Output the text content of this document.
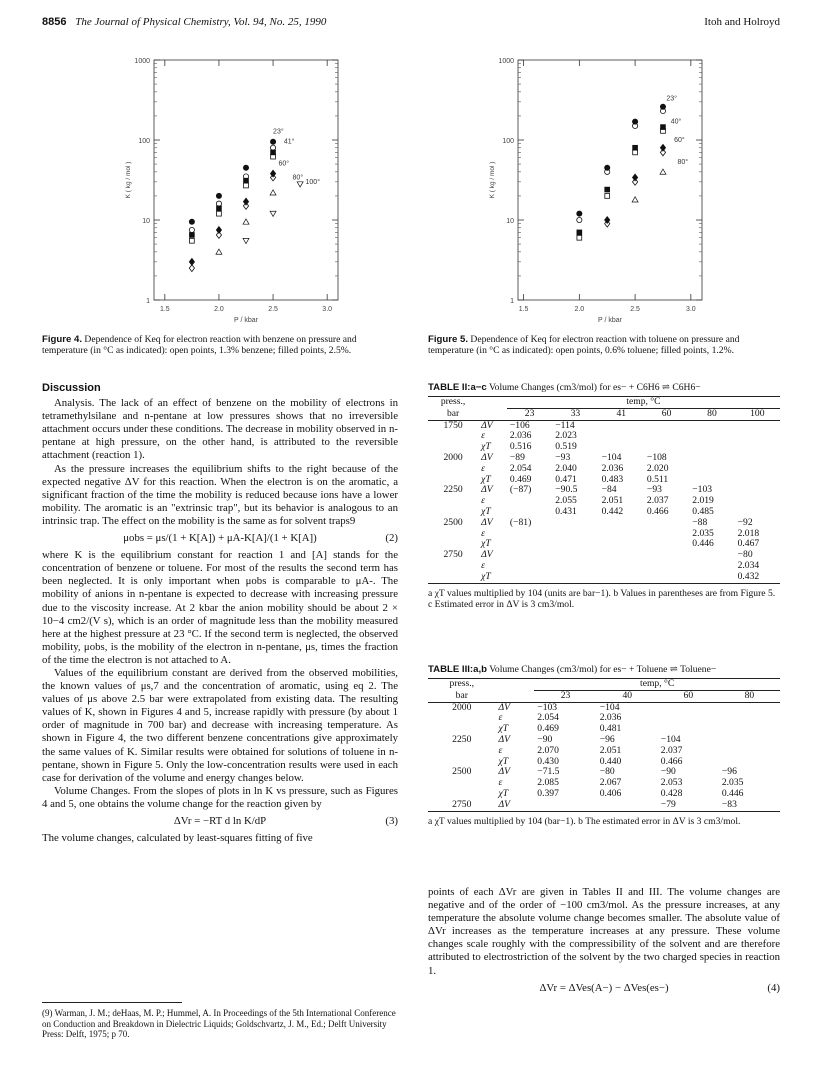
8856 The Journal of Physical Chemistry, Vol. 94, No. 25, 1990	Itoh and Holroyd
1000
100
10
1
1.5	2.0	2.5	3.0
P / kbar
K ( kg / mol )
23°
41°
60°
80°
100°
Figure 4. Dependence of Keq for electron reaction with benzene on pressure and temperature (in °C as indicated): open points, 1.3% benzene; filled points, 2.5%.
1000
100
10
1
1.5	2.0	2.5	3.0
P / kbar
K ( kg / mol )
23°
40°
60°
80°
Figure 5. Dependence of Keq for electron reaction with toluene on pressure and temperature (in °C as indicated): open points, 0.6% toluene; filled points, 1.2%.
Discussion

Analysis. The lack of an effect of benzene on the mobility of electrons in tetramethylsilane and n-pentane at low pressures shows that no irreversible attachment occurs under these conditions. The decrease in mobility observed in n-pentane at high pressure, on the other hand, is attributed to the reversible attachment (reaction 1).

As the pressure increases the equilibrium shifts to the right because of the expected negative ΔV for this reaction. When the electron is on the aromatic, a significant fraction of the time the mobility is reduced because ions have a lower mobility. The aromatic is an "extrinsic trap", but its behavior is analogous to an intrinsic trap. The effect on the mobility is the same as for solvent traps9

μobs = μs/(1 + K[A]) + μA-K[A]/(1 + K[A])	(2)

where K is the equilibrium constant for reaction 1 and [A] stands for the concentration of benzene or toluene. For most of the results the second term has been neglected. It is only important when μobs is comparable to μA-. The mobility of anions in n-pentane is expected to decrease with increasing pressure due to the viscosity increase. At 2 kbar the anion mobility should be about 2 × 10−4 cm2/(V s), which is an order of magnitude less than the mobility measured here at the highest pressure at 23 °C. If the second term is neglected, the observed mobility, μobs, is the mobility of the electron in n-pentane, μs, times the fraction of the time the electron is not attached to A.

Values of the equilibrium constant are derived from the observed mobilities, the known values of μs,7 and the concentration of aromatic, using eq 2. The values of μs above 2.5 bar were extrapolated from existing data. The resulting values of K, shown in Figures 4 and 5, increase rapidly with pressure (by about 1 order of magnitude in 700 bar) and decrease with increasing temperature. As shown in Figure 4, the two different benzene concentrations give approximately the same values of K. Similar results were obtained for solutions of toluene in n-pentane, shown in Figure 5. Only the low-concentration results were used in each case for derivation of the volume and energy changes below.

Volume Changes. From the slopes of plots in ln K vs pressure, such as Figures 4 and 5, one obtains the volume change for the reaction given by

ΔVr = −RT d ln K/dP	(3)

The volume changes, calculated by least-squares fitting of five

(9) Warman, J. M.; deHaas, M. P.; Hummel, A. In Proceedings of the 5th International Conference on Conduction and Breakdown in Dielectric Liquids; Goldschvartz, J. M., Ed.; Delft University Press: Delft, 1975; p 70.
TABLE II:a−c Volume Changes (cm3/mol) for es− + C6H6 ⇌ C6H6−
press.,		temp, °C					
bar		23	33	41	60	80	100
1750	ΔV	−106	−114				
	ε	2.036	2.023				
	χT	0.516	0.519				
2000	ΔV	−89	−93	−104	−108		
	ε	2.054	2.040	2.036	2.020		
	χT	0.469	0.471	0.483	0.511		
2250	ΔV	(−87)	−90.5	−84	−93	−103	
	ε		2.055	2.051	2.037	2.019	
	χT		0.431	0.442	0.466	0.485	
2500	ΔV	(−81)				−88	−92
	ε					2.035	2.018
	χT					0.446	0.467
2750	ΔV						−80
	ε						2.034
	χT						0.432
a χT values multiplied by 104 (units are bar−1). b Values in parentheses are from Figure 5. c Estimated error in ΔV is 3 cm3/mol.
TABLE III:a,b Volume Changes (cm3/mol) for es− + Toluene ⇌ Toluene−
press.,		temp, °C			
bar		23	40	60	80
2000	ΔV	−103	−104		
	ε	2.054	2.036		
	χT	0.469	0.481		
2250	ΔV	−90	−96	−104	
	ε	2.070	2.051	2.037	
	χT	0.430	0.440	0.466	
2500	ΔV	−71.5	−80	−90	−96
	ε	2.085	2.067	2.053	2.035
	χT	0.397	0.406	0.428	0.446
2750	ΔV			−79	−83
a χT values multiplied by 104 (bar−1). b The estimated error in ΔV is 3 cm3/mol.

points of each ΔVr are given in Tables II and III. The volume changes are negative and of the order of −100 cm3/mol. As the pressure increases, at any temperature the absolute volume change becomes smaller. The absolute value of ΔVr increases as the temperature increases at any pressure. These volume changes scale roughly with the compressibility of the solvent and are therefore attributed to electrostriction of the solvent by the two charged species in reaction 1.

ΔVr = ΔVes(A−) − ΔVes(es−)	(4)
